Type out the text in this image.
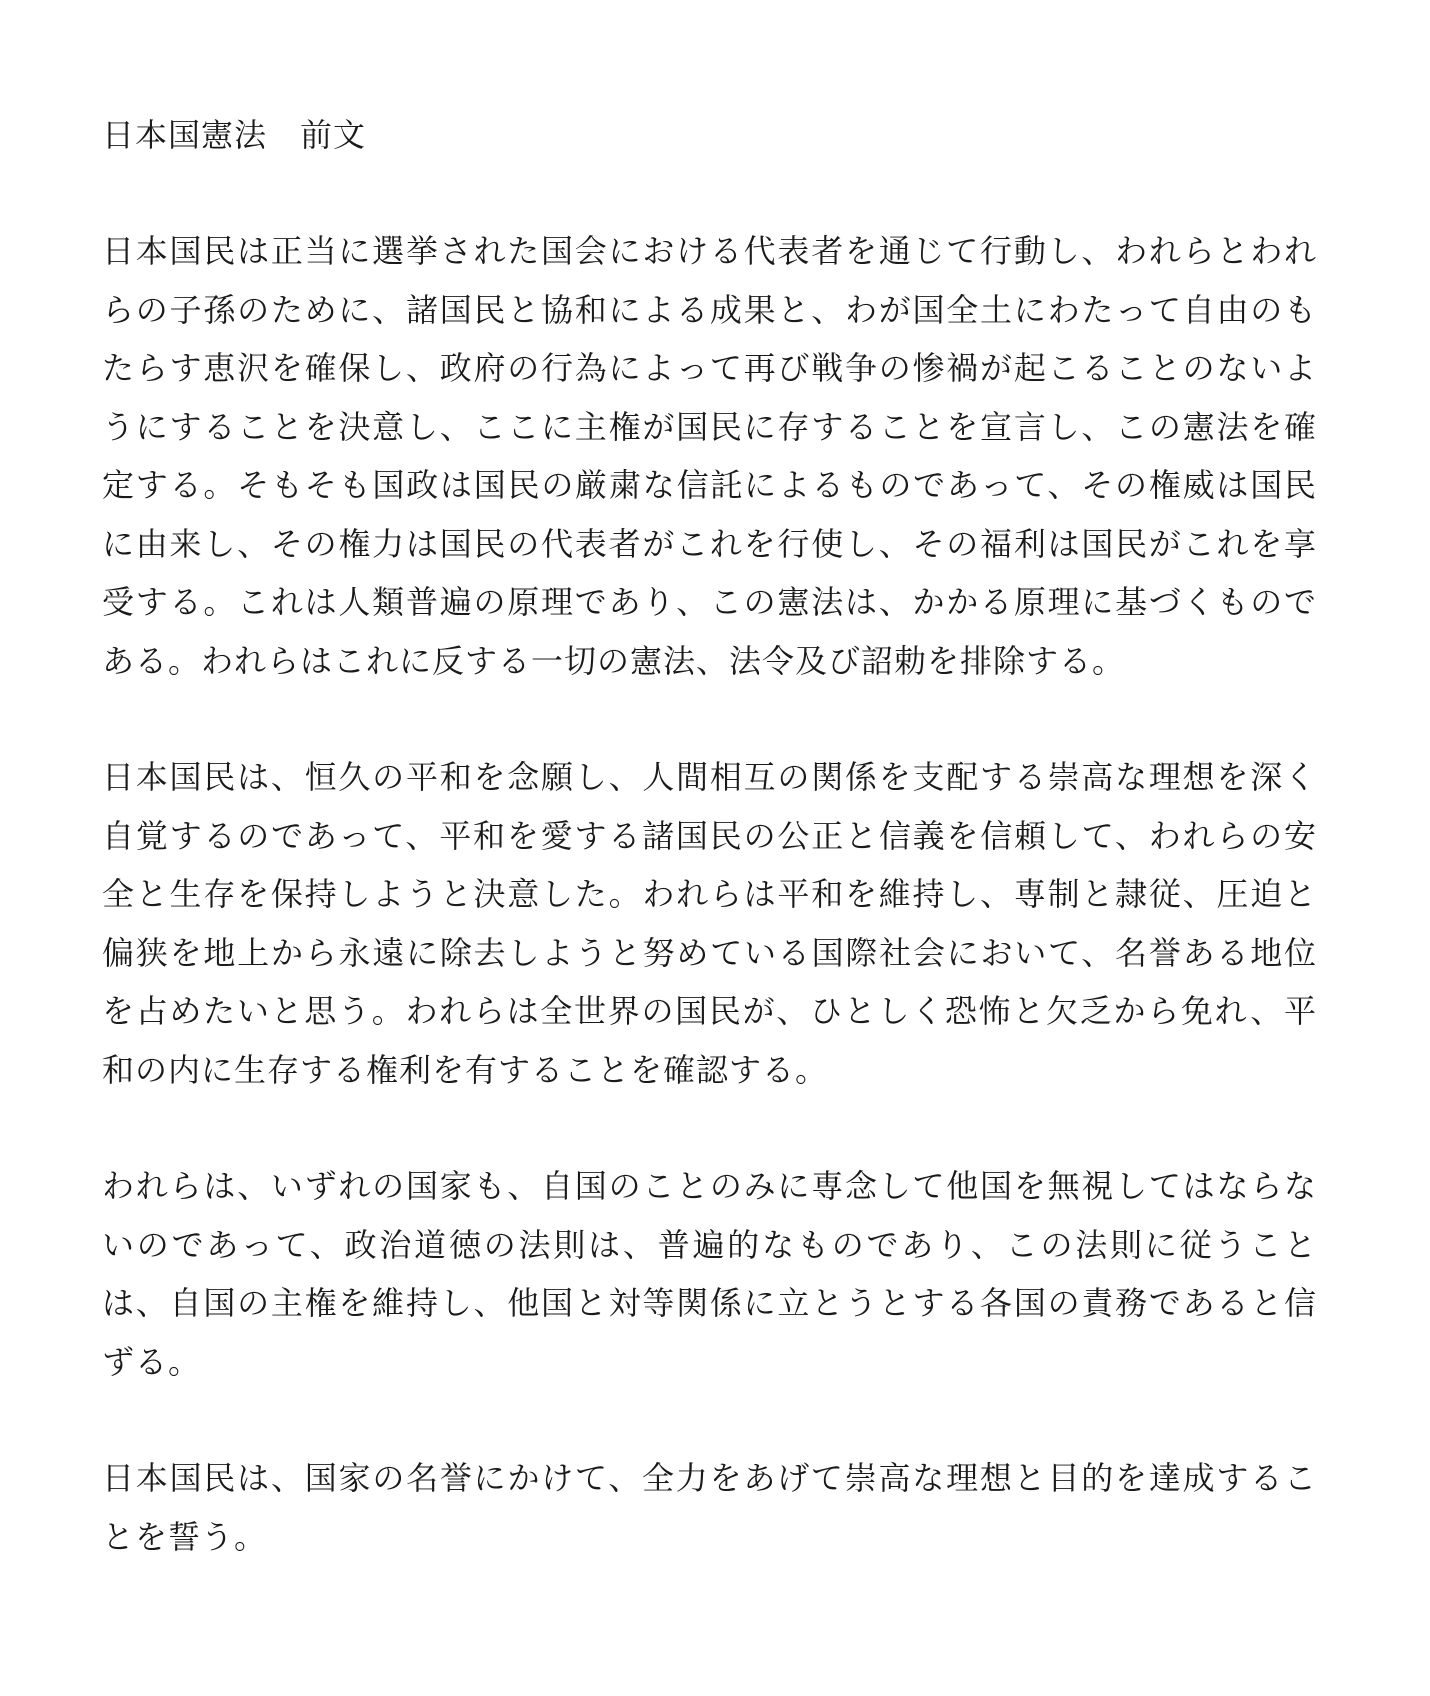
日本国憲法　前文

日本国民は正当に選挙された国会における代表者を通じて行動し、われらとわれらの子孫のために、諸国民と協和による成果と、わが国全土にわたって自由のもたらす恵沢を確保し、政府の行為によって再び戦争の惨禍が起こることのないようにすることを決意し、ここに主権が国民に存することを宣言し、この憲法を確定する。そもそも国政は国民の厳粛な信託によるものであって、その権威は国民に由来し、その権力は国民の代表者がこれを行使し、その福利は国民がこれを享受する。これは人類普遍の原理であり、この憲法は、かかる原理に基づくものである。われらはこれに反する一切の憲法、法令及び詔勅を排除する。

日本国民は、恒久の平和を念願し、人間相互の関係を支配する崇高な理想を深く自覚するのであって、平和を愛する諸国民の公正と信義を信頼して、われらの安全と生存を保持しようと決意した。われらは平和を維持し、専制と隷従、圧迫と偏狭を地上から永遠に除去しようと努めている国際社会において、名誉ある地位を占めたいと思う。われらは全世界の国民が、ひとしく恐怖と欠乏から免れ、平和の内に生存する権利を有することを確認する。

われらは、いずれの国家も、自国のことのみに専念して他国を無視してはならないのであって、政治道徳の法則は、普遍的なものであり、この法則に従うことは、自国の主権を維持し、他国と対等関係に立とうとする各国の責務であると信ずる。

日本国民は、国家の名誉にかけて、全力をあげて崇高な理想と目的を達成することを誓う。
